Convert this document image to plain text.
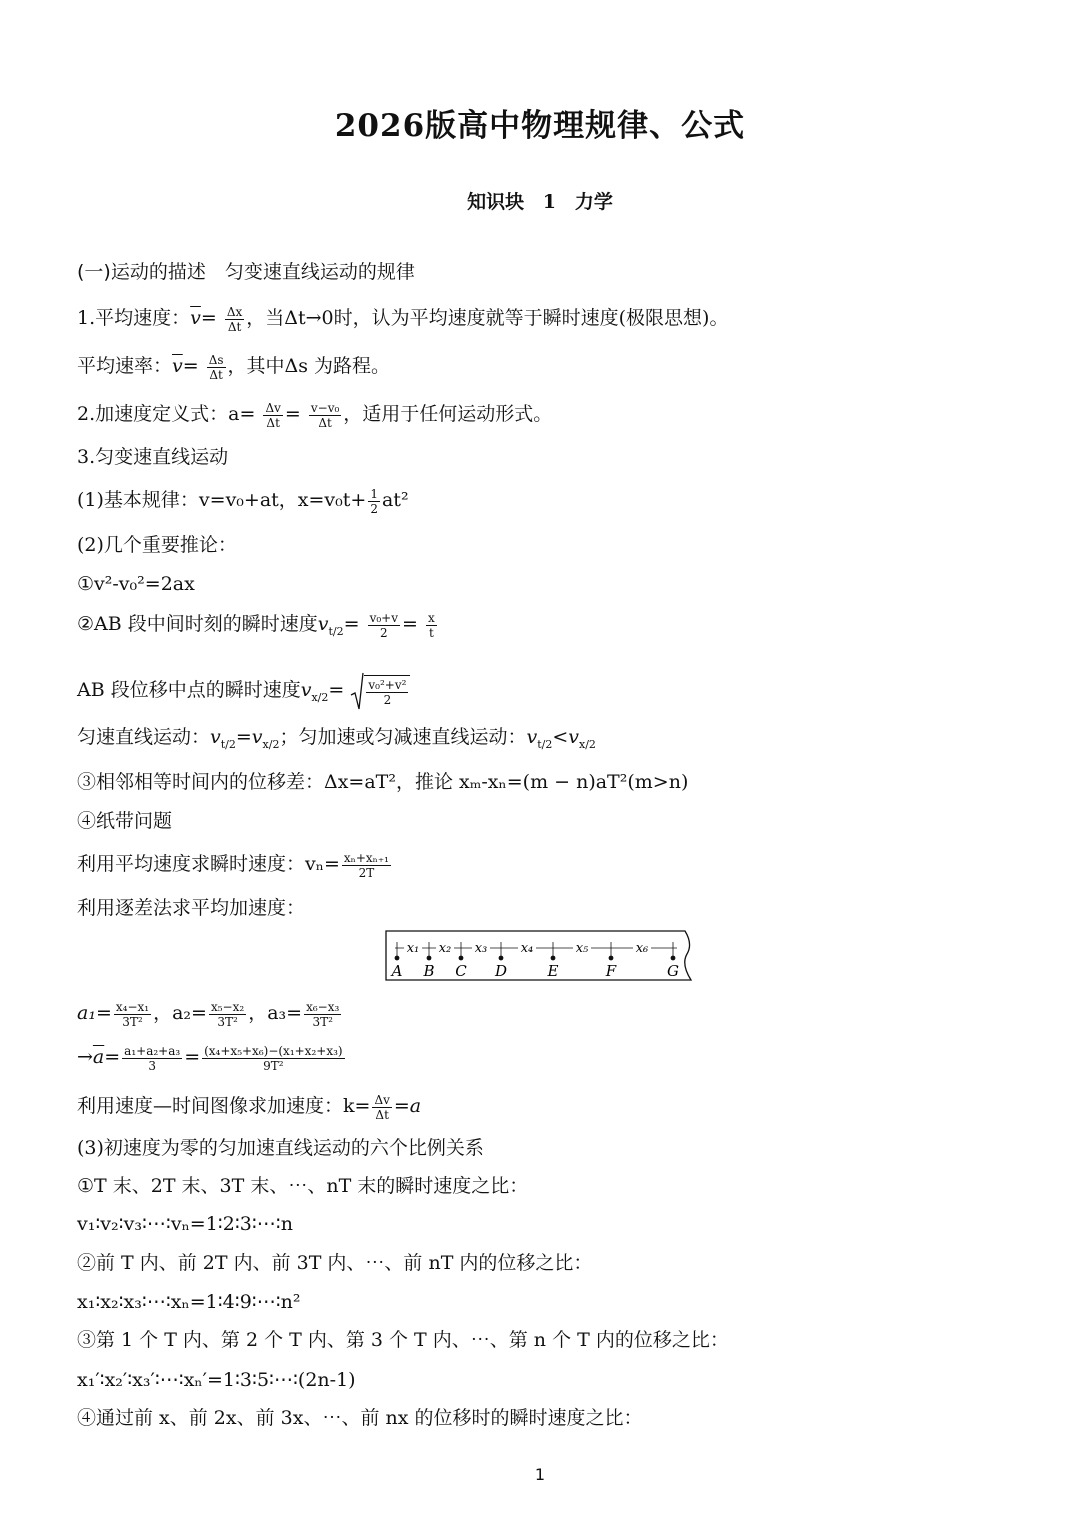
2026版高中物理规律、公式
知识块 1　力学
(一)运动的描述　匀变速直线运动的规律
1.平均速度：$\overline{v}= \frac{\Delta x}{\Delta t}$ ，当Δt→0时，认为平均速度就等于瞬时速度(极限思想)。
平均速率：$\overline{v}= \frac{\Delta s}{\Delta t}$ ，其中Δs 为路程。
2.加速度定义式：$a= \frac{\Delta v}{\Delta t} = \frac{\text{v−v₀}}{\Delta t}$ ，适用于任何运动形式。
3.匀变速直线运动
(1)基本规律：v=v₀+at，$x=v_0t+ \frac{1}{2} at^2$
(2)几个重要推论：
①v²-v₀²=2ax
②AB 段中间时刻的瞬时速度$v_{t/2}= \frac{\text{v₀+v}}{2} = \frac{x}{t}$
AB 段位移中点的瞬时速度$v_{x/2}= \frac{\text{v₀²+v²}}{2}$
匀速直线运动：$v_{t/2}=v_{x/2}$；匀加速或匀减速直线运动：$v_{t/2}<v_{x/2}$
③相邻相等时间内的位移差：Δx=aT²，推论 xₘ-xₙ=(m − n)aT²(m>n)
④纸带问题
利用平均速度求瞬时速度：$v_n= \frac{\text{xₙ+xₙ₊₁}}{2T}$
利用逐差法求平均加速度：
A B C D	E	F	G
x₁ x₂ x₃	x₄	x₅	x₆
$a_1= \frac{\text{x₄−x₁}}{\text{3T²}}$ ，$a_2= \frac{\text{x₅−x₂}}{\text{3T²}}$ ，$a_3= \frac{\text{x₆−x₃}}{\text{3T²}}$
$\to\overline{a}= \frac{\text{a₁+a₂+a₃}}{3} = \frac{\text{(x₄+x₅+x₆)−(x₁+x₂+x₃)}}{\text{9T²}}$
利用速度—时间图像求加速度：$k= \frac{\Delta v}{\Delta t} =a$
(3)初速度为零的匀加速直线运动的六个比例关系
①T 末、2T 末、3T 末、⋯、nT 末的瞬时速度之比：
v₁∶v₂∶v₃∶⋯∶vₙ=1∶2∶3∶⋯∶n
②前 T 内、前 2T 内、前 3T 内、⋯、前 nT 内的位移之比：
x₁∶x₂∶x₃∶⋯∶xₙ=1∶4∶9∶⋯∶n²
③第 1 个 T 内、第 2 个 T 内、第 3 个 T 内、⋯、第 n 个 T 内的位移之比：
x₁′∶x₂′∶x₃′∶⋯∶xₙ′=1∶3∶5∶⋯∶(2n-1)
④通过前 x、前 2x、前 3x、⋯、前 nx 的位移时的瞬时速度之比：
1
